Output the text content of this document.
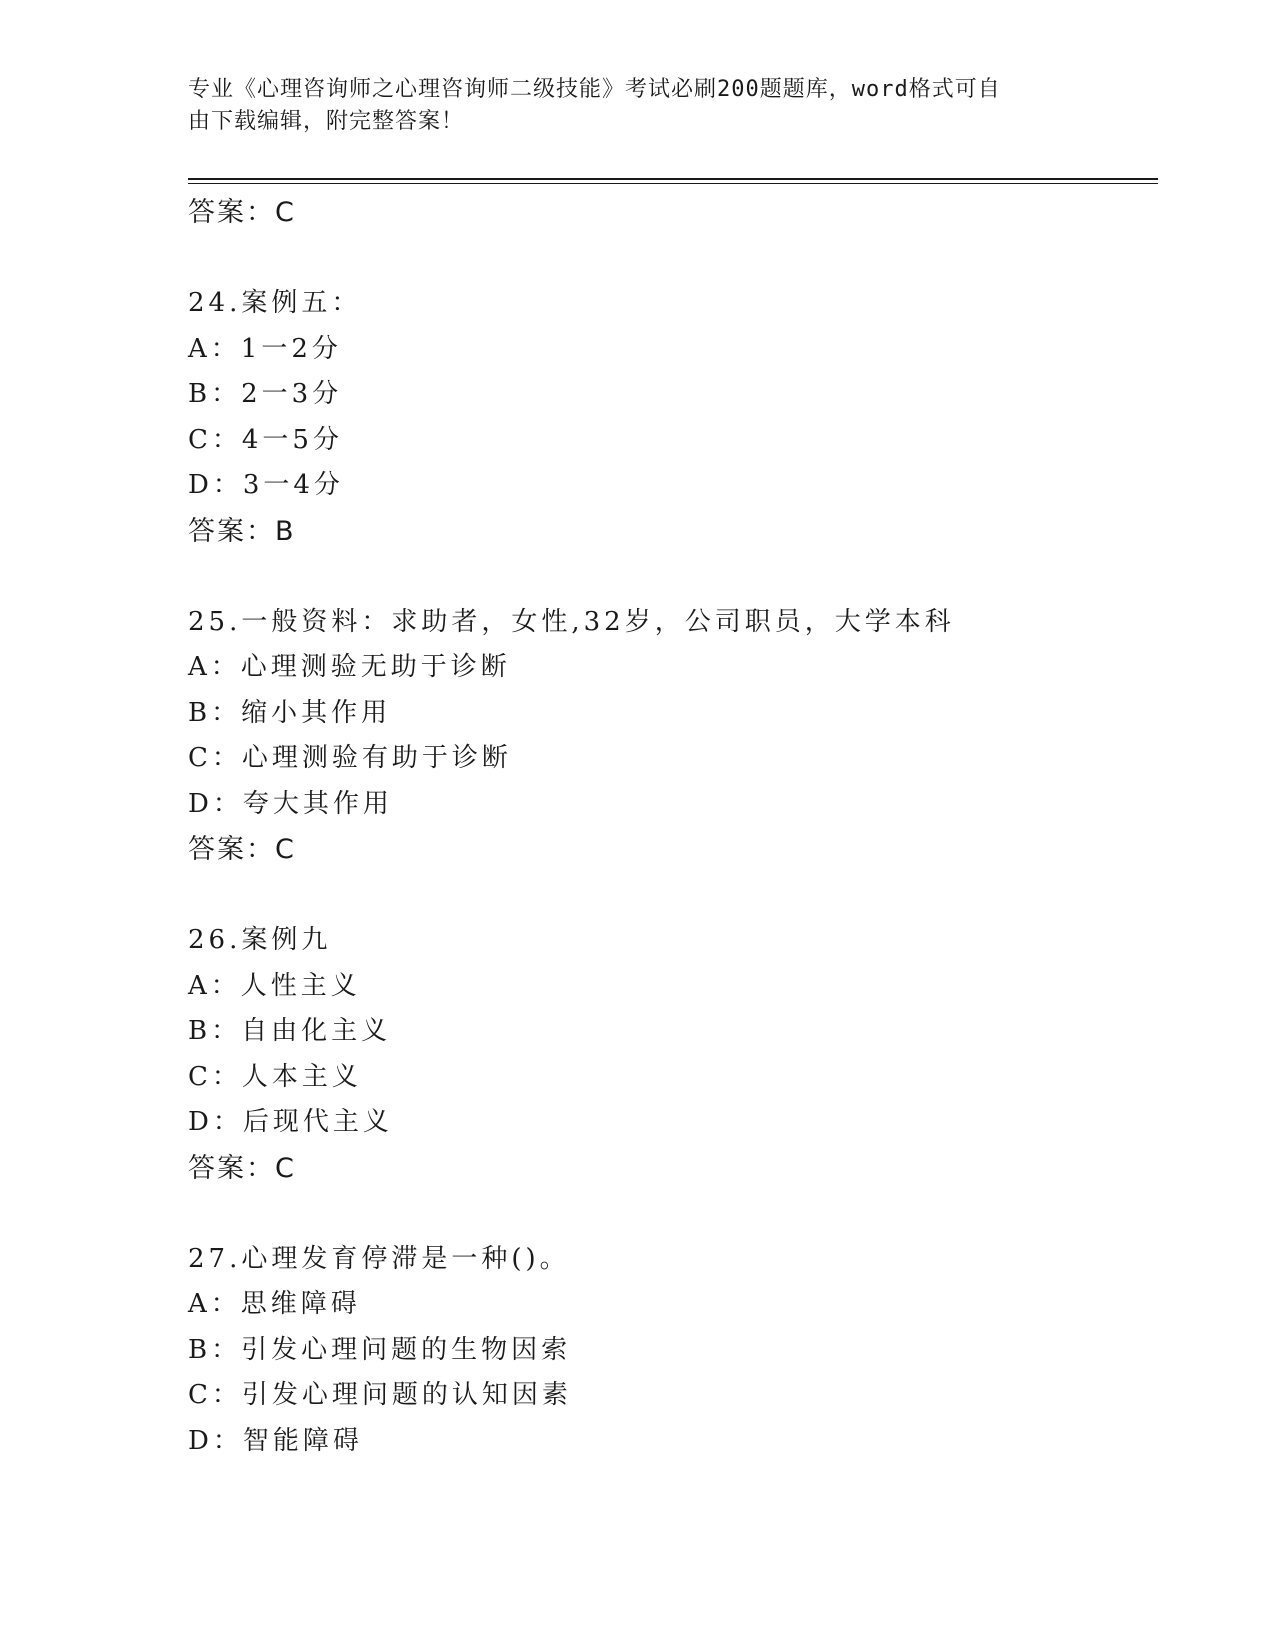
专业《心理咨询师之心理咨询师二级技能》考试必刷200题题库，word格式可自
由下载编辑，附完整答案！
答案：C
24.案例五：
A：1一2分
B：2一3分
C：4一5分
D：3一4分
答案：B
25.一般资料：求助者，女性,32岁，公司职员，大学本科
A：心理测验无助于诊断
B：缩小其作用
C：心理测验有助于诊断
D：夸大其作用
答案：C
26.案例九
A：人性主义
B：自由化主义
C：人本主义
D：后现代主义
答案：C
27.心理发育停滞是一种()。
A：思维障碍
B：引发心理问题的生物因索
C：引发心理问题的认知因素
D：智能障碍
